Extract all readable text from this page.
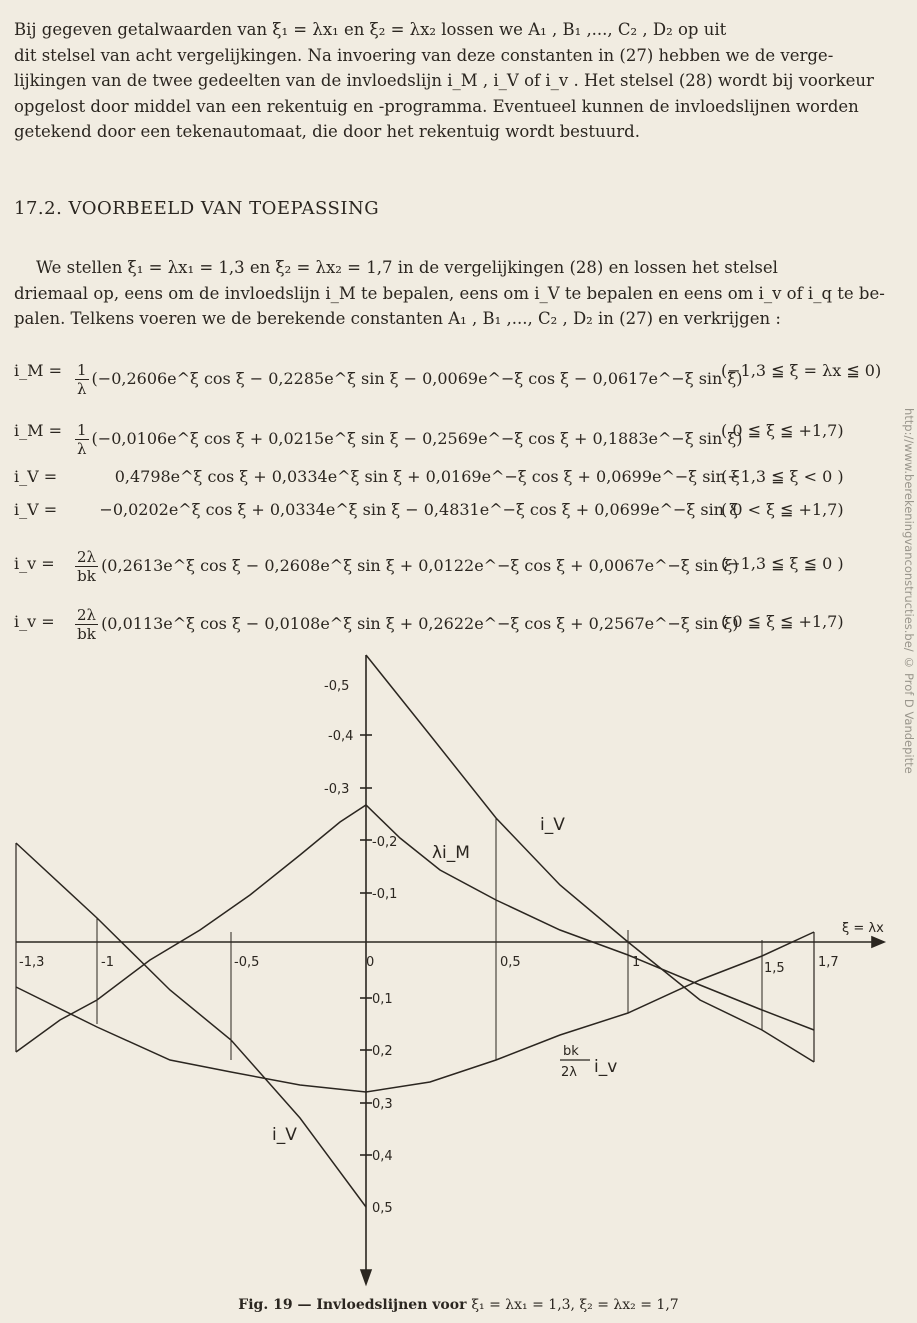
Bij gegeven getalwaarden van ξ₁ = λx₁ en ξ₂ = λx₂ lossen we A₁ , B₁ ,..., C₂ , D₂ op uit
dit stelsel van acht vergelijkingen. Na invoering van deze constanten in (27) hebben we de verge-
lijkingen van de twee gedeelten van de invloedslijn i_M , i_V of i_v . Het stelsel (28) wordt bij voorkeur
opgelost door middel van een rekentuig en -programma. Eventueel kunnen de invloedslijnen worden
getekend door een tekenautomaat, die door het rekentuig wordt bestuurd.
17.2. VOORBEELD VAN TOEPASSING
We stellen ξ₁ = λx₁ = 1,3 en ξ₂ = λx₂ = 1,7 in de vergelijkingen (28) en lossen het stelsel
driemaal op, eens om de invloedslijn i_M te bepalen, eens om i_V te bepalen en eens om i_v of i_q te be-
palen. Telkens voeren we de berekende constanten A₁ , B₁ ,..., C₂ , D₂ in (27) en verkrijgen :
i_M = $\frac{1}{\lambda}$ (−0,2606e^ξ cos ξ − 0,2285e^ξ sin ξ − 0,0069e^−ξ cos ξ − 0,0617e^−ξ sin ξ)
(−1,3 ≦ ξ = λx ≦ 0)
i_M = $\frac{1}{\lambda}$ (−0,0106e^ξ cos ξ + 0,0215e^ξ sin ξ − 0,2569e^−ξ cos ξ + 0,1883e^−ξ sin ξ)
( 0 ≦ ξ ≦ +1,7)
i_V = 0,4798e^ξ cos ξ + 0,0334e^ξ sin ξ + 0,0169e^−ξ cos ξ + 0,0699e^−ξ sin ξ
(−1,3 ≦ ξ < 0 )
i_V = −0,0202e^ξ cos ξ + 0,0334e^ξ sin ξ − 0,4831e^−ξ cos ξ + 0,0699e^−ξ sin ξ
( 0 < ξ ≦ +1,7)
i_v = $\frac{2\lambda}{bk}$ (0,2613e^ξ cos ξ − 0,2608e^ξ sin ξ + 0,0122e^−ξ cos ξ + 0,0067e^−ξ sin ξ)
(−1,3 ≦ ξ ≦ 0 )
i_v = $\frac{2\lambda}{bk}$ (0,0113e^ξ cos ξ − 0,0108e^ξ sin ξ + 0,2622e^−ξ cos ξ + 0,2567e^−ξ sin ξ)
( 0 ≦ ξ ≦ +1,7)	http://www.berekeningvanconstructies.be/ © Prof D Vandepitte
-1,3	-1	-0,5	0	0,5	1	1,5	1,7
-0,5
-0,4
-0,3
-0,2
-0,1
0,1
0,2
0,3
0,4
0,5
λi_M
i_V
i_V
bk
2λ i_v
ξ = λx
Fig. 19 — Invloedslijnen voor ξ₁ = λx₁ = 1,3, ξ₂ = λx₂ = 1,7
